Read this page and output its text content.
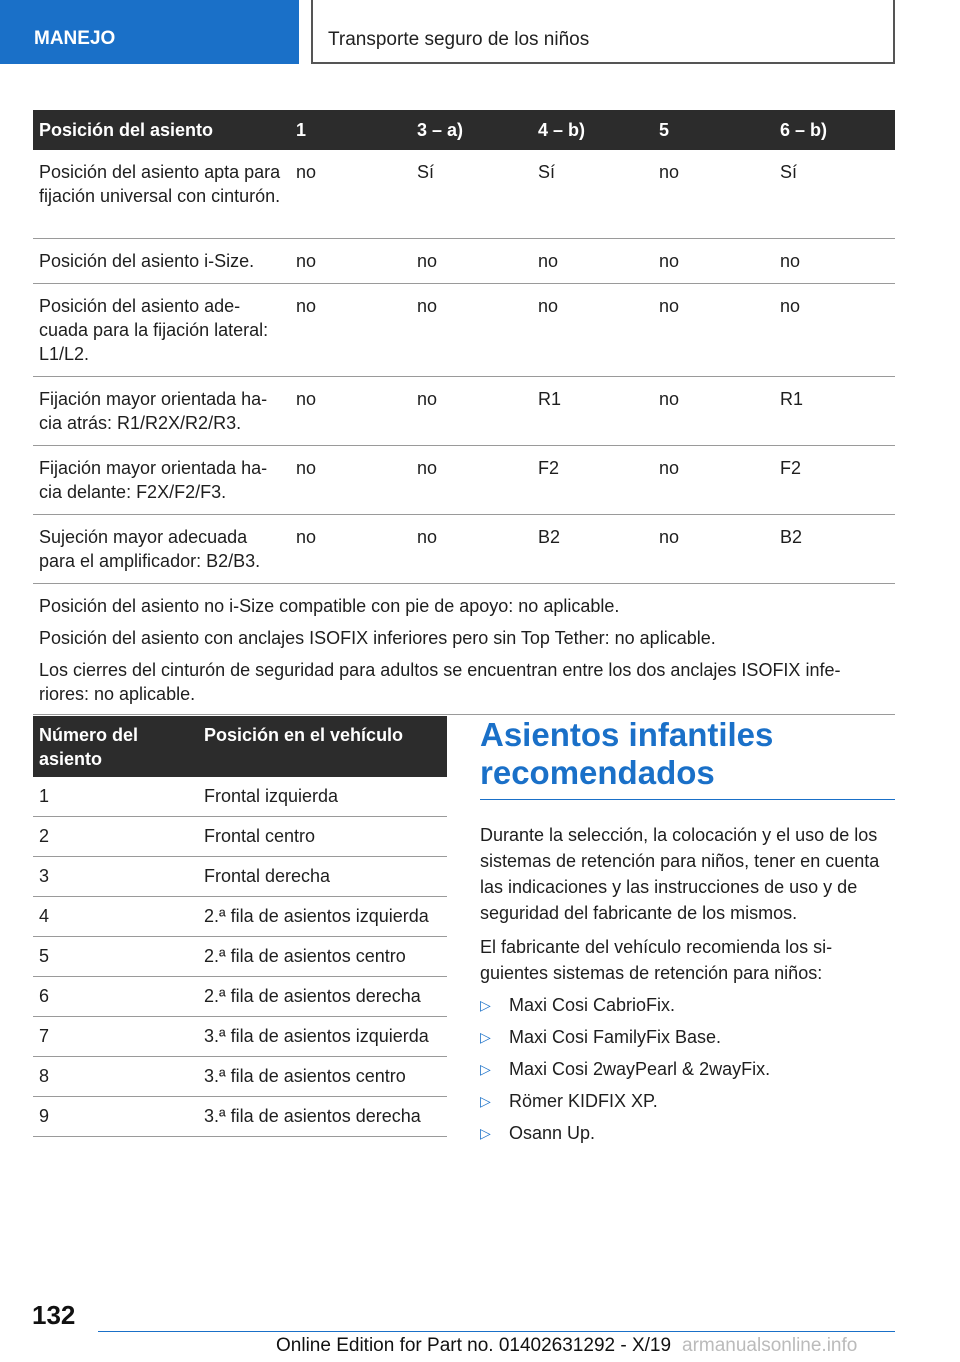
MANEJO	Transporte seguro de los niños
Posición del asiento	1	3 – a)	4 – b)	5	6 – b)
Posición del asiento apta para fijación universal con cinturón.	no	Sí	Sí	no	Sí
Posición del asiento i-Size.	no	no	no	no	no
Posición del asiento ade-cuada para la fijación lateral: L1/L2.	no	no	no	no	no
Fijación mayor orientada ha-cia atrás: R1/R2X/R2/R3.	no	no	R1	no	R1
Fijación mayor orientada ha-cia delante: F2X/F2/F3.	no	no	F2	no	F2
Sujeción mayor adecuada para el amplificador: B2/B3.	no	no	B2	no	B2

Posición del asiento no i-Size compatible con pie de apoyo: no aplicable.

Posición del asiento con anclajes ISOFIX inferiores pero sin Top Tether: no aplicable.

Los cierres del cinturón de seguridad para adultos se encuentran entre los dos anclajes ISOFIX infe-riores: no aplicable.					

Número del asiento	Posición en el vehículo
1	Frontal izquierda
2	Frontal centro
3	Frontal derecha
4	2.ª fila de asientos izquierda
5	2.ª fila de asientos centro
6	2.ª fila de asientos derecha
7	3.ª fila de asientos izquierda
8	3.ª fila de asientos centro
9	3.ª fila de asientos derecha
Asientos infantiles recomendados

Durante la selección, la colocación y el uso de los sistemas de retención para niños, tener en cuenta las indicaciones y las instrucciones de uso y de seguridad del fabricante de los mismos.

El fabricante del vehículo recomienda los si-guientes sistemas de retención para niños:

▷	Maxi Cosi CabrioFix.
▷	Maxi Cosi FamilyFix Base.
▷	Maxi Cosi 2wayPearl & 2wayFix.
▷	Römer KIDFIX XP.
▷	Osann Up.
132
Online Edition for Part no. 01402631292 - X/19 armanualsonline.info
